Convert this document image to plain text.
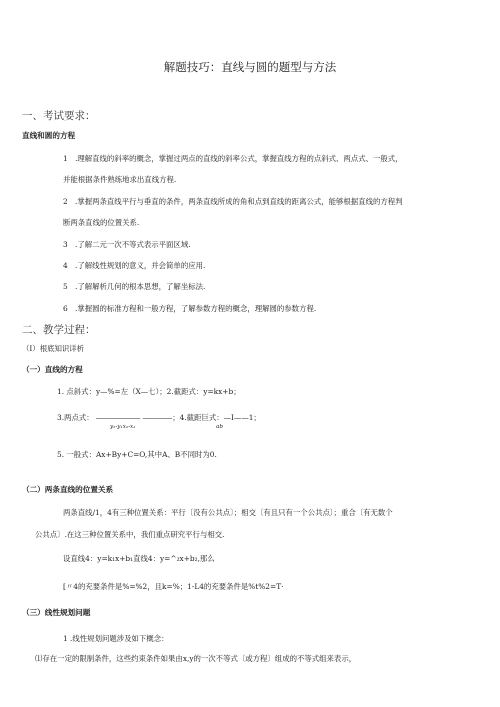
解题技巧：直线与圆的题型与方法
一、考试要求：
直线和圆的方程
1 .理解直线的斜率的概念，掌握过两点的直线的斜率公式，掌握直线方程的点斜式、两点式、一般式，
并能根据条件熟练地求出直线方程.
2 .掌握两条直线平行与垂直的条件，两条直线所成的角和点到直线的距离公式，能够根据直线的方程判
断两条直线的位置关系.
3 .了解二元一次不等式表示平面区域.
4 .了解线性规划的意义，并会简单的应用.
5 .了解解析几何的根本思想，了解坐标法.
6 .掌握圆的标准方程和一般方程，了解参数方程的概念，理解圆的参数方程.
二、教学过程：
（I）根底知识详析
（一）直线的方程
1. 点斜式：y—%=左（X—七）；2.截距式：y=kx+b；
3.两点式： ―――――― ――――；4.截距巨式：—I——1；
y₂-y₁x₂-x₁	ab
5. 一般式：Ax+By+C=O,其中A、B不同时为0.
（二）两条直线的位置关系
两条直线/1，4有三种位置关系：平行〔没有公共点〕；相交〔有且只有一个公共点〕；重合〔有无数个
公共点〕.在这三种位置关系中，我们重点研究平行与相交.
设直线4：y=k₁x+b₁直线4：y=^₂x+b₂,那么
[〃4的充要条件是%=%2，且k=%；1-L4的充要条件是%t%2=T·
（三）线性规划问题
1 .线性规划问题涉及如下概念：
⑴存在一定的限制条件，这些约束条件如果由x,y的一次不等式〔或方程〕组成的不等式组来表示，
